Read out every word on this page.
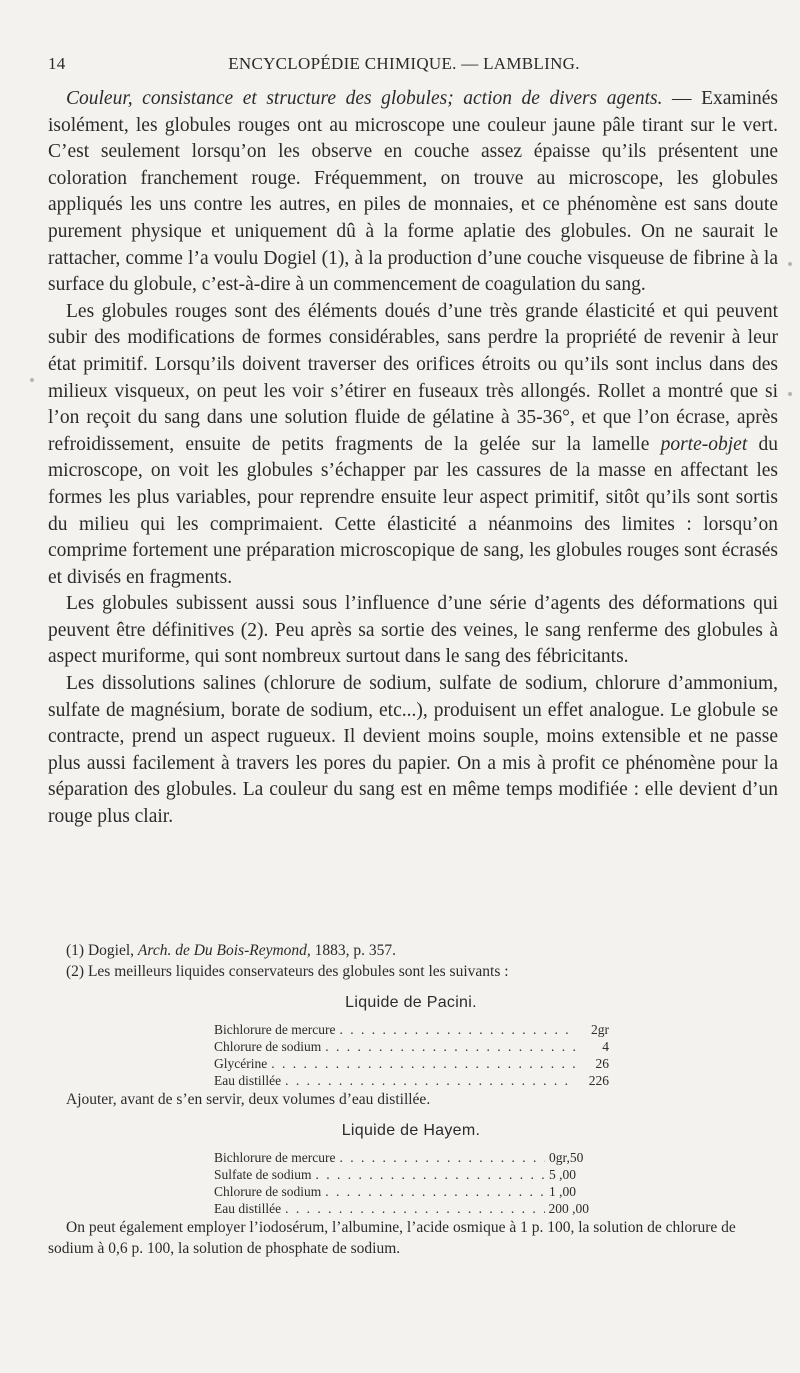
14	ENCYCLOPÉDIE CHIMIQUE. — LAMBLING.

Couleur, consistance et structure des globules; action de divers agents. — Examinés isolément, les globules rouges ont au microscope une couleur jaune pâle tirant sur le vert. C’est seulement lorsqu’on les observe en couche assez épaisse qu’ils présentent une coloration franchement rouge. Fréquemment, on trouve au microscope, les globules appliqués les uns contre les autres, en piles de monnaies, et ce phénomène est sans doute purement physique et uniquement dû à la forme aplatie des globules. On ne saurait le rattacher, comme l’a voulu Dogiel (1), à la production d’une couche visqueuse de fibrine à la surface du globule, c’est-à-dire à un commencement de coagulation du sang.

Les globules rouges sont des éléments doués d’une très grande élasticité et qui peuvent subir des modifications de formes considérables, sans perdre la propriété de revenir à leur état primitif. Lorsqu’ils doivent traverser des orifices étroits ou qu’ils sont inclus dans des milieux visqueux, on peut les voir s’étirer en fuseaux très allongés. Rollet a montré que si l’on reçoit du sang dans une solution fluide de gélatine à 35-36°, et que l’on écrase, après refroidissement, ensuite de petits fragments de la gelée sur la lamelle porte-objet du microscope, on voit les globules s’échapper par les cassures de la masse en affectant les formes les plus variables, pour reprendre ensuite leur aspect primitif, sitôt qu’ils sont sortis du milieu qui les comprimaient. Cette élasticité a néanmoins des limites : lorsqu’on comprime fortement une préparation microscopique de sang, les globules rouges sont écrasés et divisés en fragments.

Les globules subissent aussi sous l’influence d’une série d’agents des déformations qui peuvent être définitives (2). Peu après sa sortie des veines, le sang renferme des globules à aspect muriforme, qui sont nombreux surtout dans le sang des fébricitants.

Les dissolutions salines (chlorure de sodium, sulfate de sodium, chlorure d’ammonium, sulfate de magnésium, borate de sodium, etc...), produisent un effet analogue. Le globule se contracte, prend un aspect rugueux. Il devient moins souple, moins extensible et ne passe plus aussi facilement à travers les pores du papier. On a mis à profit ce phénomène pour la séparation des globules. La couleur du sang est en même temps modifiée : elle devient d’un rouge plus clair.

(1) Dogiel, Arch. de Du Bois-Reymond, 1883, p. 357.

(2) Les meilleurs liquides conservateurs des globules sont les suivants :

Liquide de Pacini.
Bichlorure de mercure . . .	2gr
Chlorure de sodium . . .	4
Glycérine . . .	26
Eau distillée . . .	226

Ajouter, avant de s’en servir, deux volumes d’eau distillée.

Liquide de Hayem.
Bichlorure de mercure . . .	0gr,50
Sulfate de sodium . . .	5 ,00
Chlorure de sodium . . .	1 ,00
Eau distillée . . .	200 ,00

On peut également employer l’iodosérum, l’albumine, l’acide osmique à 1 p. 100, la solution de chlorure de sodium à 0,6 p. 100, la solution de phosphate de sodium.
